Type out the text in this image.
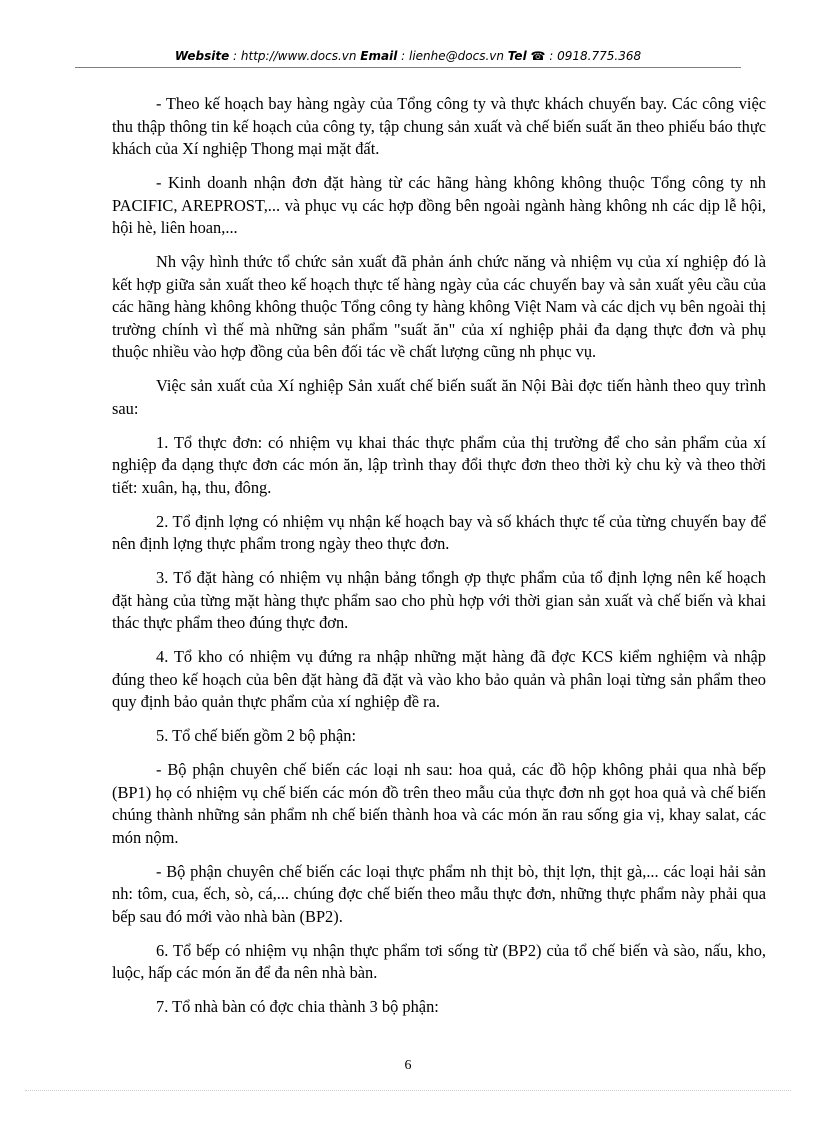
Website : http://www.docs.vn Email : lienhe@docs.vn Tel ☎ : 0918.775.368

- Theo kế hoạch bay hàng ngày của Tổng công ty và thực khách chuyến bay. Các công việc thu thập thông tin kế hoạch của công ty, tập chung sản xuất và chế biến suất ăn theo phiếu báo thực khách của Xí nghiệp Thong mại mặt đất.

- Kinh doanh nhận đơn đặt hàng từ các hãng hàng không không thuộc Tổng công ty nh PACIFIC, AREPROST,... và phục vụ các hợp đồng bên ngoài ngành hàng không nh các dịp lễ hội, hội hè, liên hoan,...

Nh vậy hình thức tổ chức sản xuất đã phản ánh chức năng và nhiệm vụ của xí nghiệp đó là kết hợp giữa sản xuất theo kế hoạch thực tế hàng ngày của các chuyến bay và sản xuất yêu cầu của các hãng hàng không không thuộc Tổng công ty hàng không Việt Nam và các dịch vụ bên ngoài thị trường chính vì thế mà những sản phẩm "suất ăn" của xí nghiệp phải đa dạng thực đơn và phụ thuộc nhiều vào hợp đồng của bên đối tác về chất lượng cũng nh phục vụ.

Việc sản xuất của Xí nghiệp Sản xuất chế biến suất ăn Nội Bài đợc tiến hành theo quy trình sau:

1. Tổ thực đơn: có nhiệm vụ khai thác thực phẩm của thị trường để cho sản phẩm của xí nghiệp đa dạng thực đơn các món ăn, lập trình thay đổi thực đơn theo thời kỳ chu kỳ và theo thời tiết: xuân, hạ, thu, đông.

2. Tổ định lợng có nhiệm vụ nhận kế hoạch bay và số khách thực tế của từng chuyến bay để nên định lợng thực phẩm trong ngày theo thực đơn.

3. Tổ đặt hàng có nhiệm vụ nhận bảng tổngh ợp thực phẩm của tổ định lợng nên kế hoạch đặt hàng của từng mặt hàng thực phẩm sao cho phù hợp với thời gian sản xuất và chế biến và khai thác thực phẩm theo đúng thực đơn.

4. Tổ kho có nhiệm vụ đứng ra nhập những mặt hàng đã đợc KCS kiểm nghiệm và nhập đúng theo kế hoạch của bên đặt hàng đã đặt và vào kho bảo quản và phân loại từng sản phẩm theo quy định bảo quản thực phẩm của xí nghiệp đề ra.

5. Tổ chế biến gồm 2 bộ phận:

- Bộ phận chuyên chế biến các loại nh sau: hoa quả, các đồ hộp không phải qua nhà bếp (BP1) họ có nhiệm vụ chế biến các món đồ trên theo mẫu của thực đơn nh gọt hoa quả và chế biến chúng thành những sản phẩm nh chế biến thành hoa và các món ăn rau sống gia vị, khay salat, các món nộm.

- Bộ phận chuyên chế biến các loại thực phẩm nh thịt bò, thịt lợn, thịt gà,... các loại hải sản nh: tôm, cua, ếch, sò, cá,... chúng đợc chế biến theo mẫu thực đơn, những thực phẩm này phải qua bếp sau đó mới vào nhà bàn (BP2).

6. Tổ bếp có nhiệm vụ nhận thực phẩm tơi sống từ (BP2) của tổ chế biến và sào, nấu, kho, luộc, hấp các món ăn để đa nên nhà bàn.

7. Tổ nhà bàn có đợc chia thành 3 bộ phận:

6
